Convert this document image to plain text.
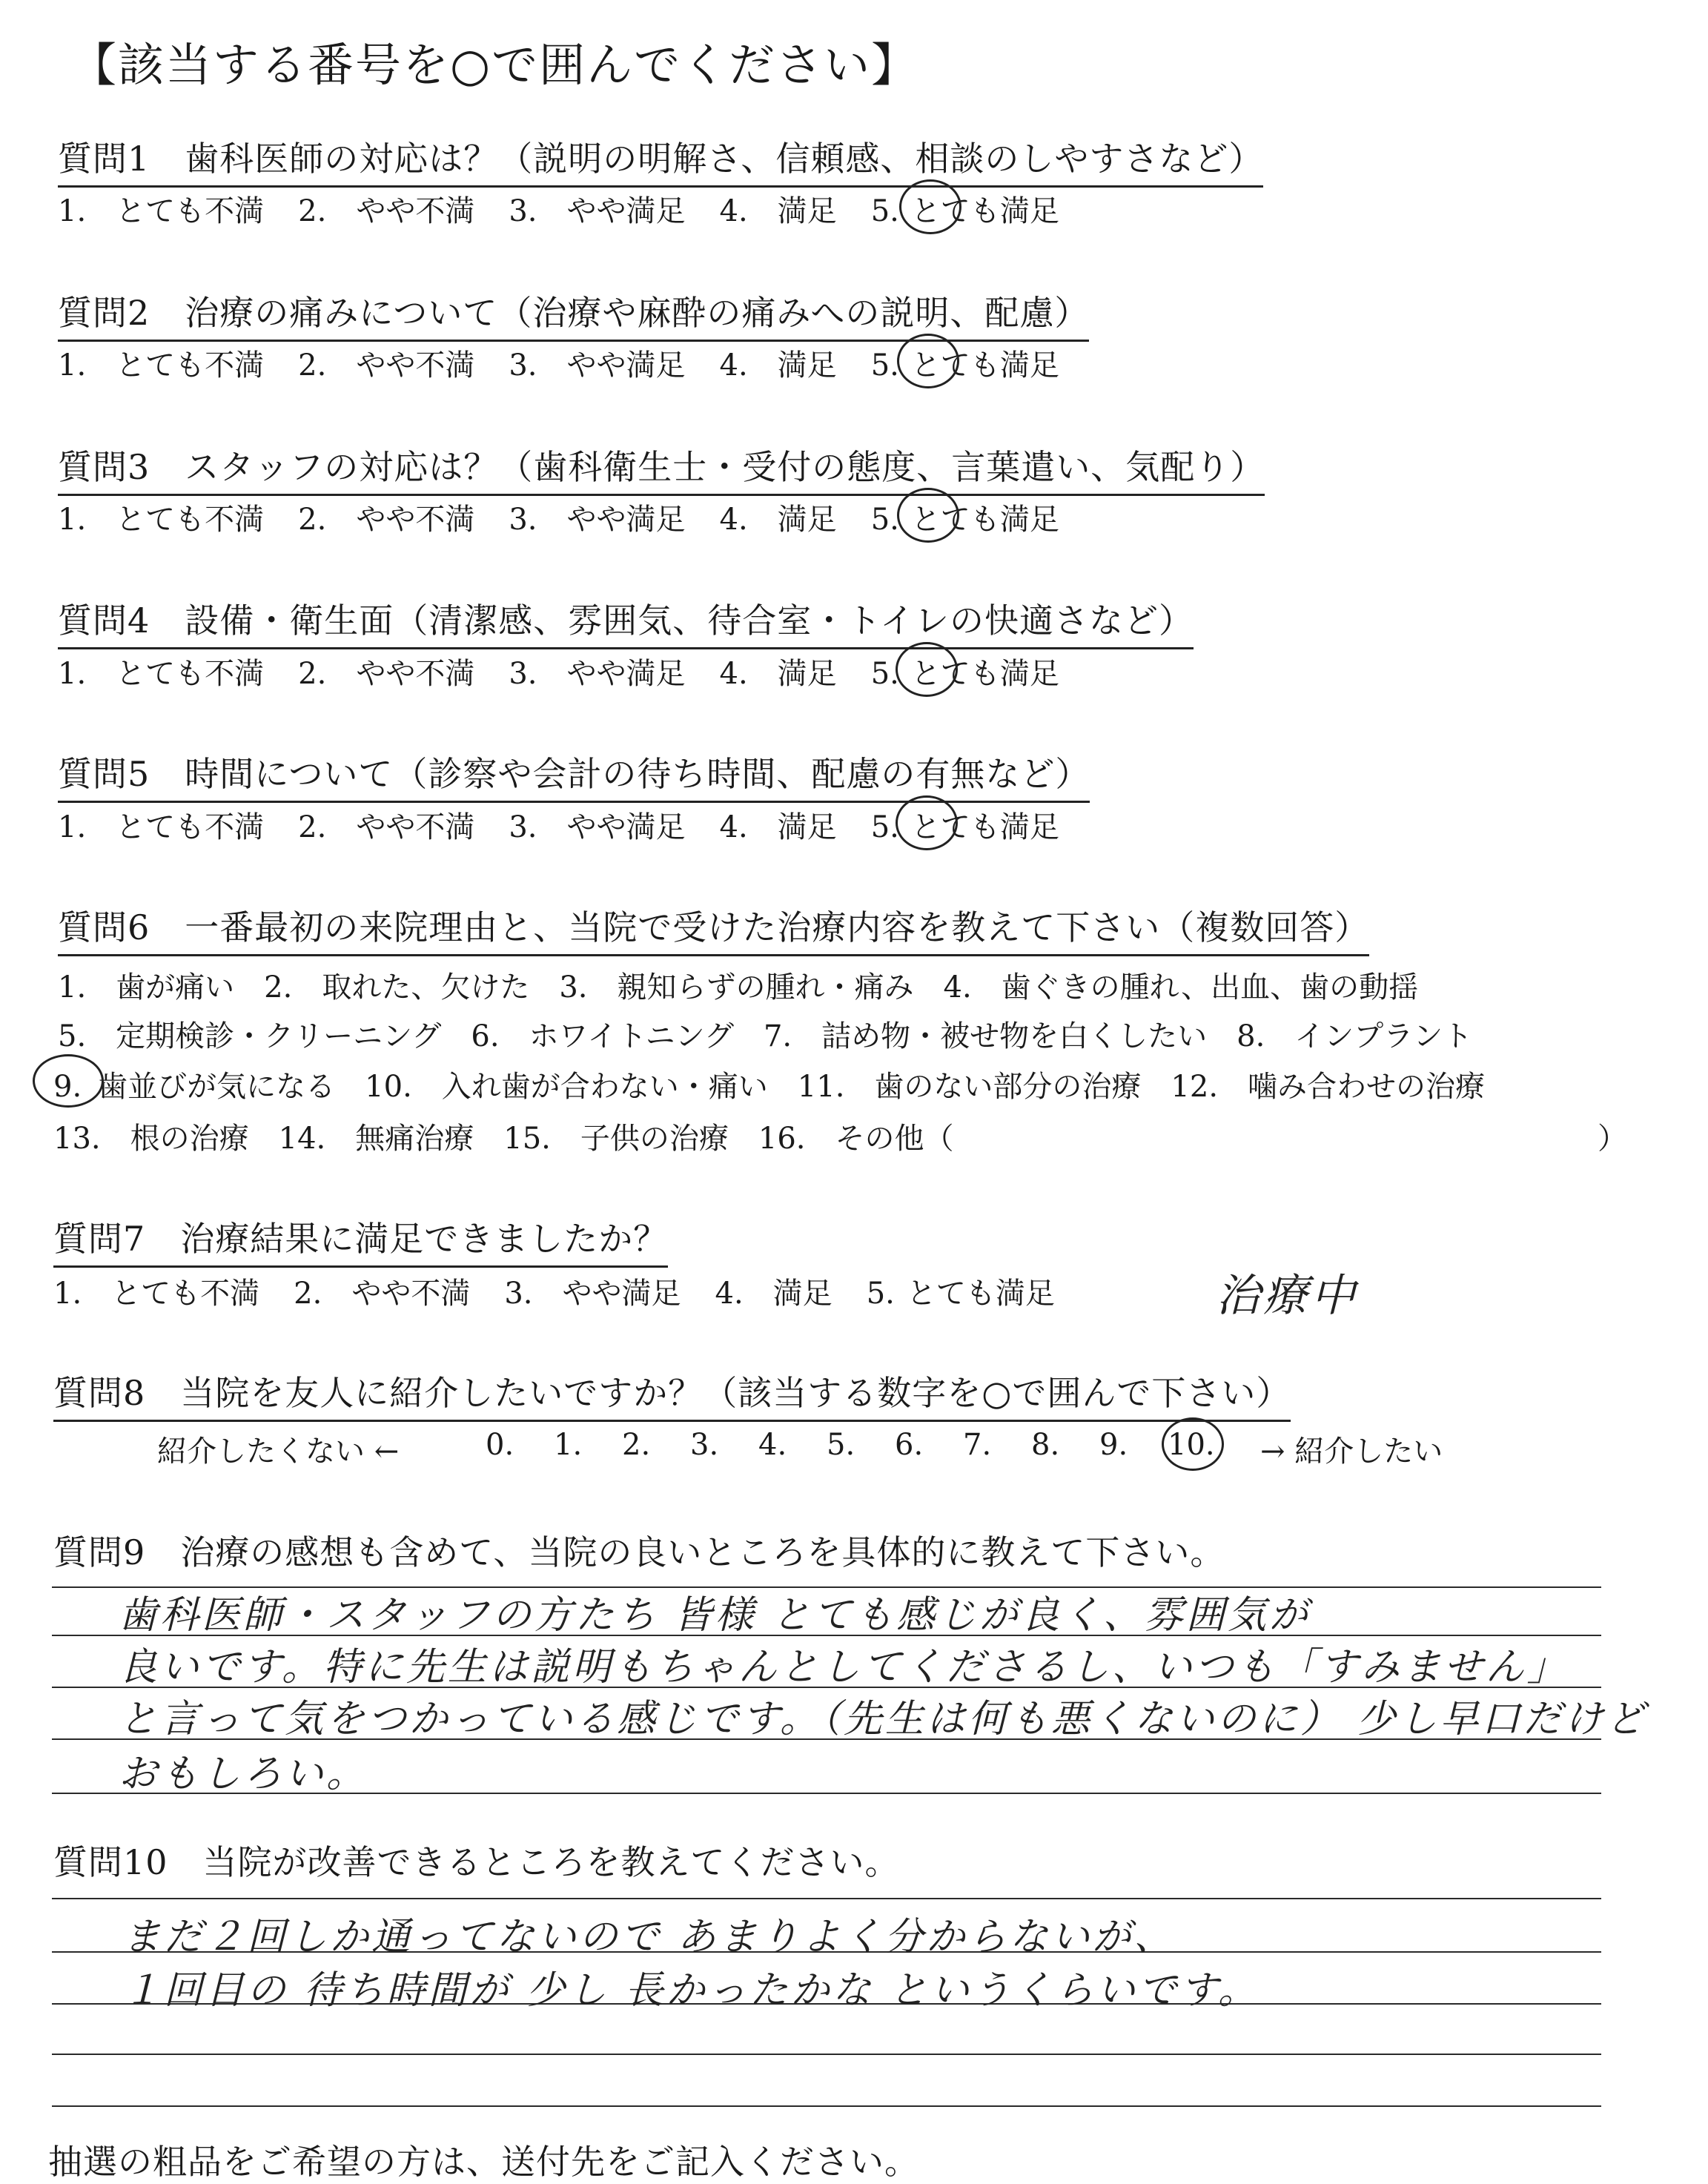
【該当する番号を○で囲んでください】
質問1　歯科医師の対応は？（説明の明解さ、信頼感、相談のしやすさなど）
1.　とても不満 2.　やや不満 3.　やや満足 4.　満足 5. とても満足
質問2　治療の痛みについて（治療や麻酔の痛みへの説明、配慮）
1.　とても不満 2.　やや不満 3.　やや満足 4.　満足 5. とても満足
質問3　スタッフの対応は？（歯科衛生士・受付の態度、言葉遣い、気配り）
1.　とても不満 2.　やや不満 3.　やや満足 4.　満足 5. とても満足
質問4　設備・衛生面（清潔感、雰囲気、待合室・トイレの快適さなど）
1.　とても不満 2.　やや不満 3.　やや満足 4.　満足 5. とても満足
質問5　時間について（診察や会計の待ち時間、配慮の有無など）
1.　とても不満 2.　やや不満 3.　やや満足 4.　満足 5. とても満足
質問6　一番最初の来院理由と、当院で受けた治療内容を教えて下さい（複数回答）
1.　歯が痛い 2.　取れた、欠けた 3.　親知らずの腫れ・痛み 4.　歯ぐきの腫れ、出血、歯の動揺
5.　定期検診・クリーニング 6.　ホワイトニング 7.　詰め物・被せ物を白くしたい 8.　インプラント
9. 歯並びが気になる 10.　入れ歯が合わない・痛い 11.　歯のない部分の治療 12.　噛み合わせの治療
13.　根の治療 14.　無痛治療 15.　子供の治療 16.　その他（	）
質問7　治療結果に満足できましたか？
1.　とても不満 2.　やや不満 3.　やや満足 4.　満足 5. とても満足	治療中
質問8　当院を友人に紹介したいですか？（該当する数字を○で囲んで下さい）
紹介したくない ←	0. 1. 2. 3. 4. 5. 6. 7. 8. 9. 10.	→ 紹介したい
質問9　治療の感想も含めて、当院の良いところを具体的に教えて下さい。
歯科医師・スタッフの方たち 皆様 とても感じが良く、雰囲気が
良いです。特に先生は説明もちゃんとしてくださるし、いつも「すみません」
と言って気をつかっている感じです。（先生は何も悪くないのに） 少し早口だけど
おもしろい。
質問10　当院が改善できるところを教えてください。
まだ２回しか通ってないので あまりよく分からないが、
１回目の 待ち時間が 少し 長かったかな というくらいです。
抽選の粗品をご希望の方は、送付先をご記入ください。
